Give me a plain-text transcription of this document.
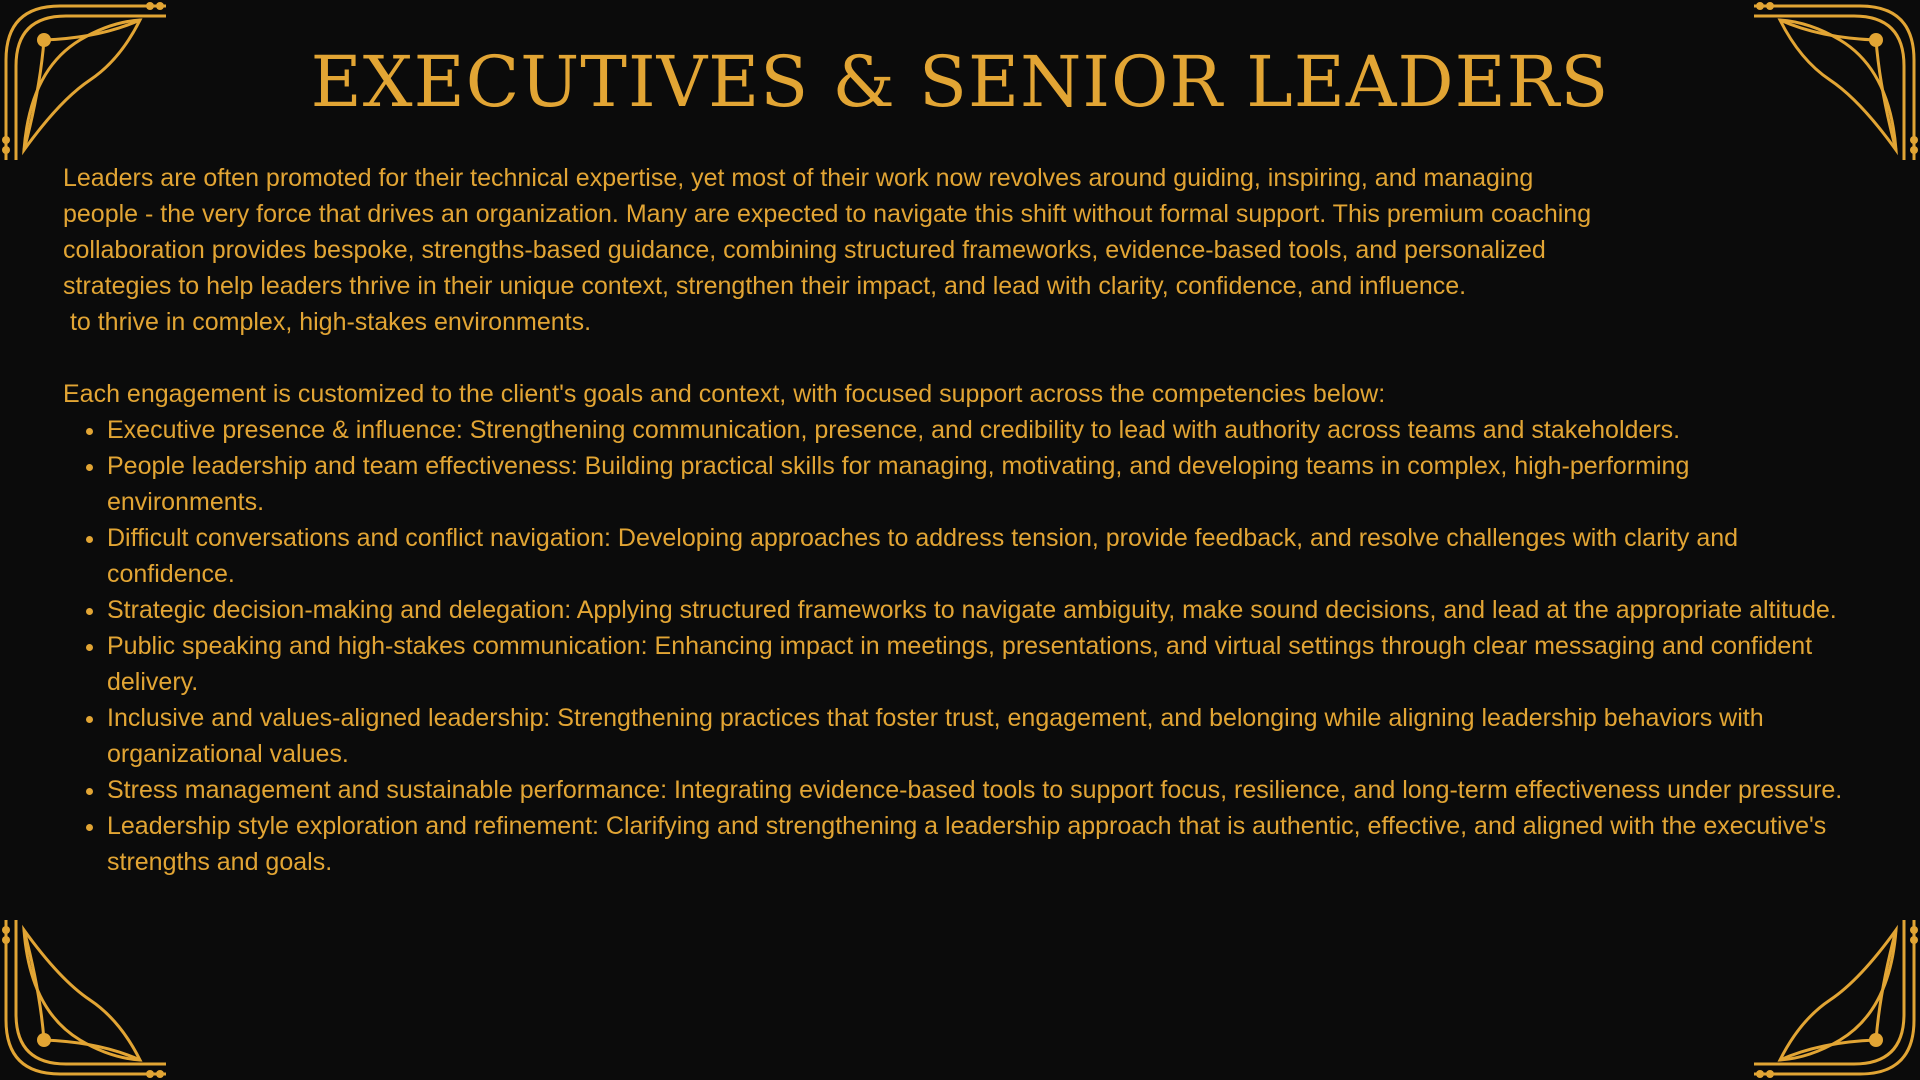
EXECUTIVES & SENIOR LEADERS

Leaders are often promoted for their technical expertise, yet most of their work now revolves around guiding, inspiring, and managing
people - the very force that drives an organization. Many are expected to navigate this shift without formal support. This premium coaching
collaboration provides bespoke, strengths-based guidance, combining structured frameworks, evidence-based tools, and personalized
strategies to help leaders thrive in their unique context, strengthen their impact, and lead with clarity, confidence, and influence.
to thrive in complex, high-stakes environments.

Each engagement is customized to the client's goals and context, with focused support across the competencies below:

• Executive presence & influence: Strengthening communication, presence, and credibility to lead with authority across teams and stakeholders.
• People leadership and team effectiveness: Building practical skills for managing, motivating, and developing teams in complex, high-performing environments.
• Difficult conversations and conflict navigation: Developing approaches to address tension, provide feedback, and resolve challenges with clarity and confidence.
• Strategic decision-making and delegation: Applying structured frameworks to navigate ambiguity, make sound decisions, and lead at the appropriate altitude.
• Public speaking and high-stakes communication: Enhancing impact in meetings, presentations, and virtual settings through clear messaging and confident delivery.
• Inclusive and values-aligned leadership: Strengthening practices that foster trust, engagement, and belonging while aligning leadership behaviors with organizational values.
• Stress management and sustainable performance: Integrating evidence-based tools to support focus, resilience, and long-term effectiveness under pressure.
• Leadership style exploration and refinement: Clarifying and strengthening a leadership approach that is authentic, effective, and aligned with the executive's strengths and goals.
